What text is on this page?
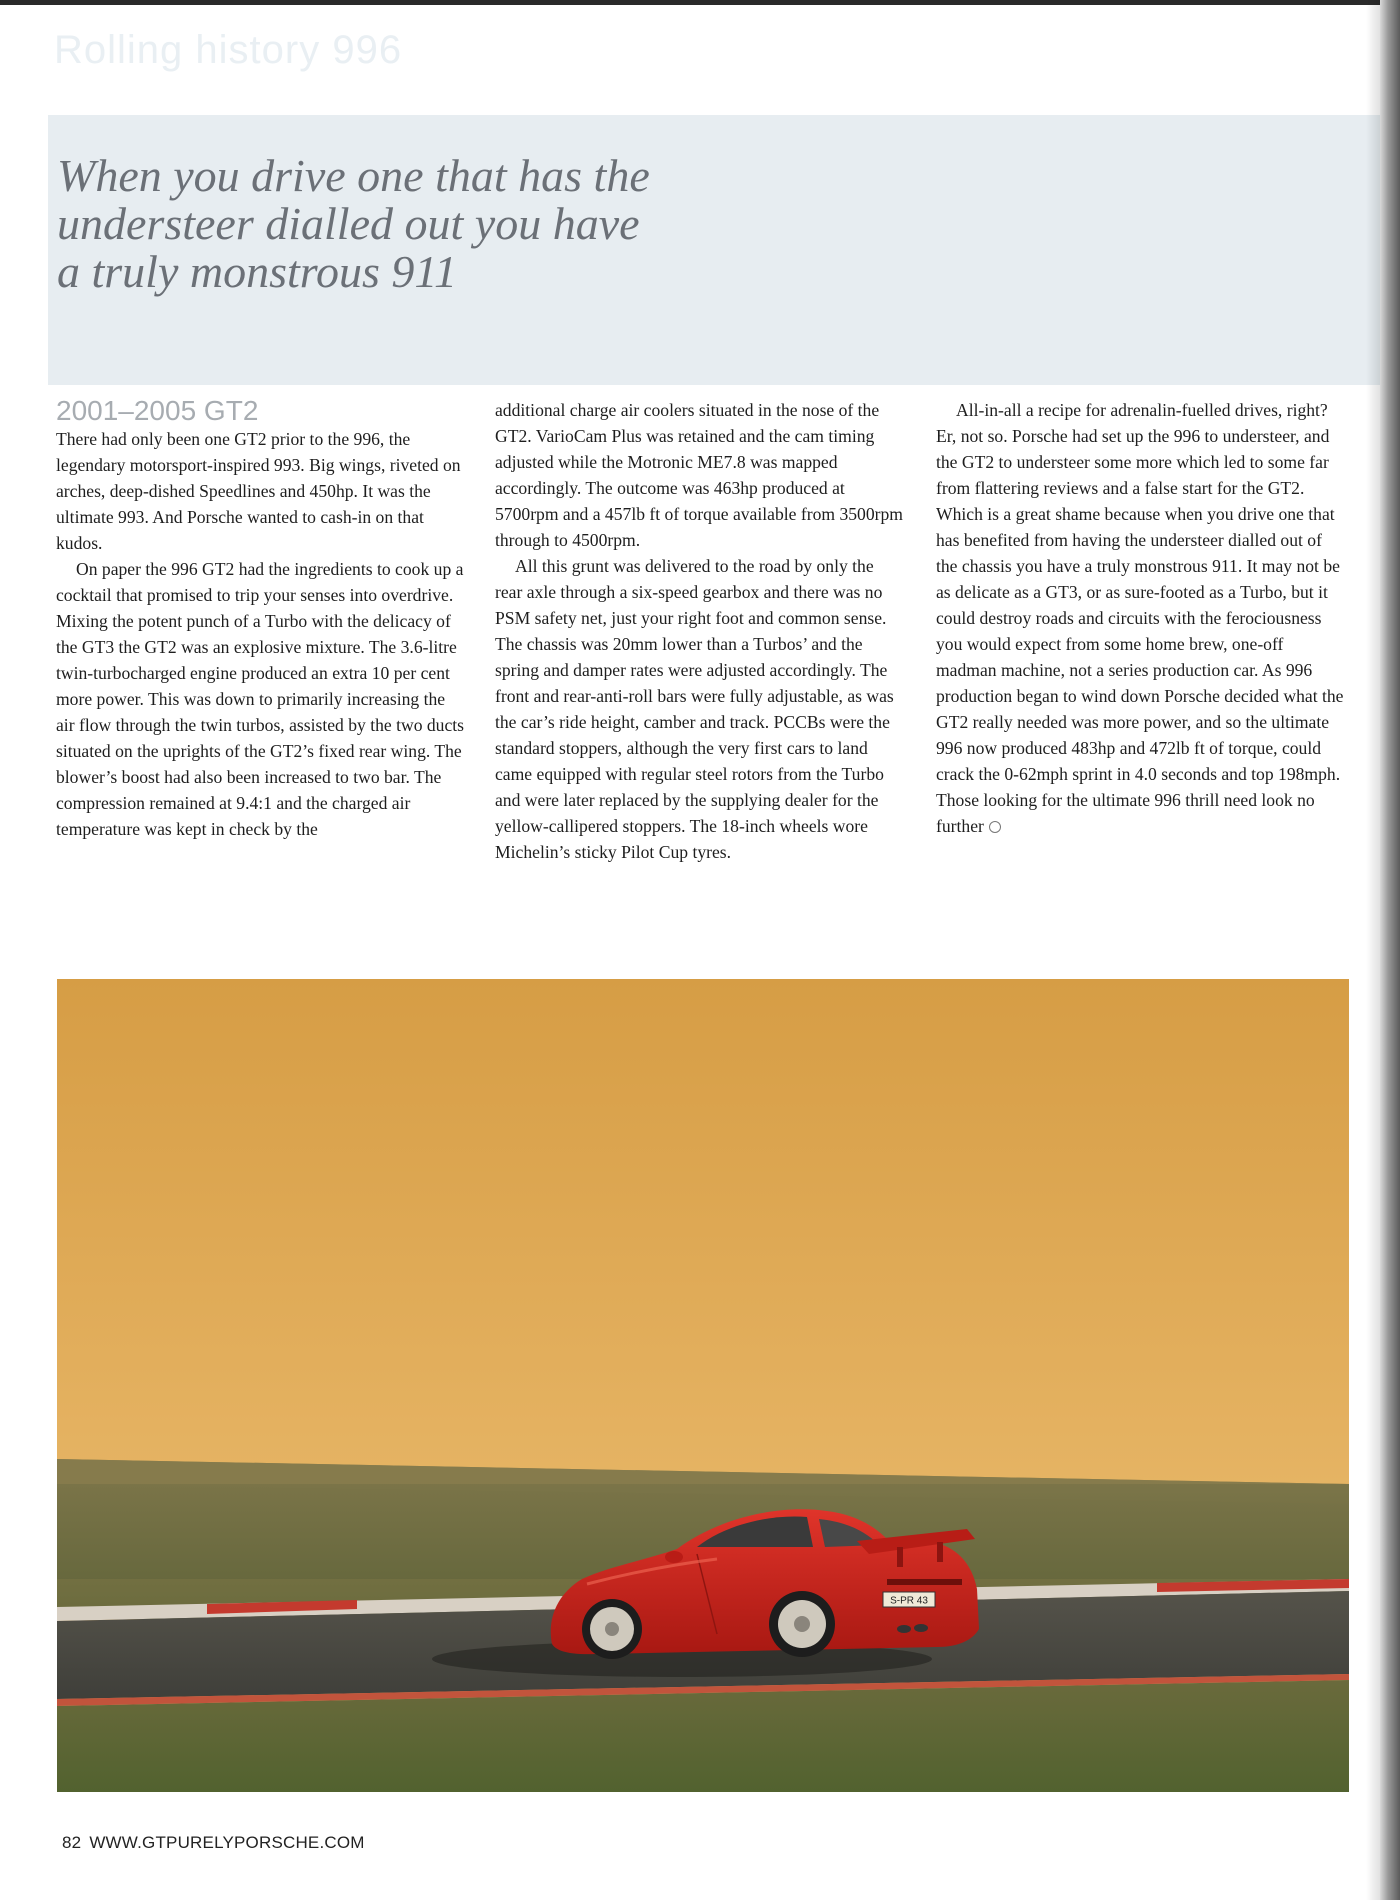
Rolling history 996
When you drive one that has the
understeer dialled out you have
a truly monstrous 911
2001–2005 GT2

There had only been one GT2 prior to the 996, the legendary motorsport-inspired 993. Big wings, riveted on arches, deep-dished Speedlines and 450hp. It was the ultimate 993. And Porsche wanted to cash-in on that kudos.

On paper the 996 GT2 had the ingredients to cook up a cocktail that promised to trip your senses into overdrive. Mixing the potent punch of a Turbo with the delicacy of the GT3 the GT2 was an explosive mixture. The 3.6-litre twin-turbocharged engine produced an extra 10 per cent more power. This was down to primarily increasing the air flow through the twin turbos, assisted by the two ducts situated on the uprights of the GT2’s fixed rear wing. The blower’s boost had also been increased to two bar. The compression remained at 9.4:1 and the charged air temperature was kept in check by the

additional charge air coolers situated in the nose of the GT2. VarioCam Plus was retained and the cam timing adjusted while the Motronic ME7.8 was mapped accordingly. The outcome was 463hp produced at 5700rpm and a 457lb ft of torque available from 3500rpm through to 4500rpm.

All this grunt was delivered to the road by only the rear axle through a six-speed gearbox and there was no PSM safety net, just your right foot and common sense. The chassis was 20mm lower than a Turbos’ and the spring and damper rates were adjusted accordingly. The front and rear-anti-roll bars were fully adjustable, as was the car’s ride height, camber and track. PCCBs were the standard stoppers, although the very first cars to land came equipped with regular steel rotors from the Turbo and were later replaced by the supplying dealer for the yellow-callipered stoppers. The 18-inch wheels wore Michelin’s sticky Pilot Cup tyres.

All-in-all a recipe for adrenalin-fuelled drives, right? Er, not so. Porsche had set up the 996 to understeer, and the GT2 to understeer some more which led to some far from flattering reviews and a false start for the GT2. Which is a great shame because when you drive one that has benefited from having the understeer dialled out of the chassis you have a truly monstrous 911. It may not be as delicate as a GT3, or as sure-footed as a Turbo, but it could destroy roads and circuits with the ferociousness you would expect from some home brew, one-off madman machine, not a series production car. As 996 production began to wind down Porsche decided what the GT2 really needed was more power, and so the ultimate 996 now produced 483hp and 472lb ft of torque, could crack the 0-62mph sprint in 4.0 seconds and top 198mph. Those looking for the ultimate 996 thrill need look no further

S-PR 43
82 WWW.GTPURELYPORSCHE.COM
